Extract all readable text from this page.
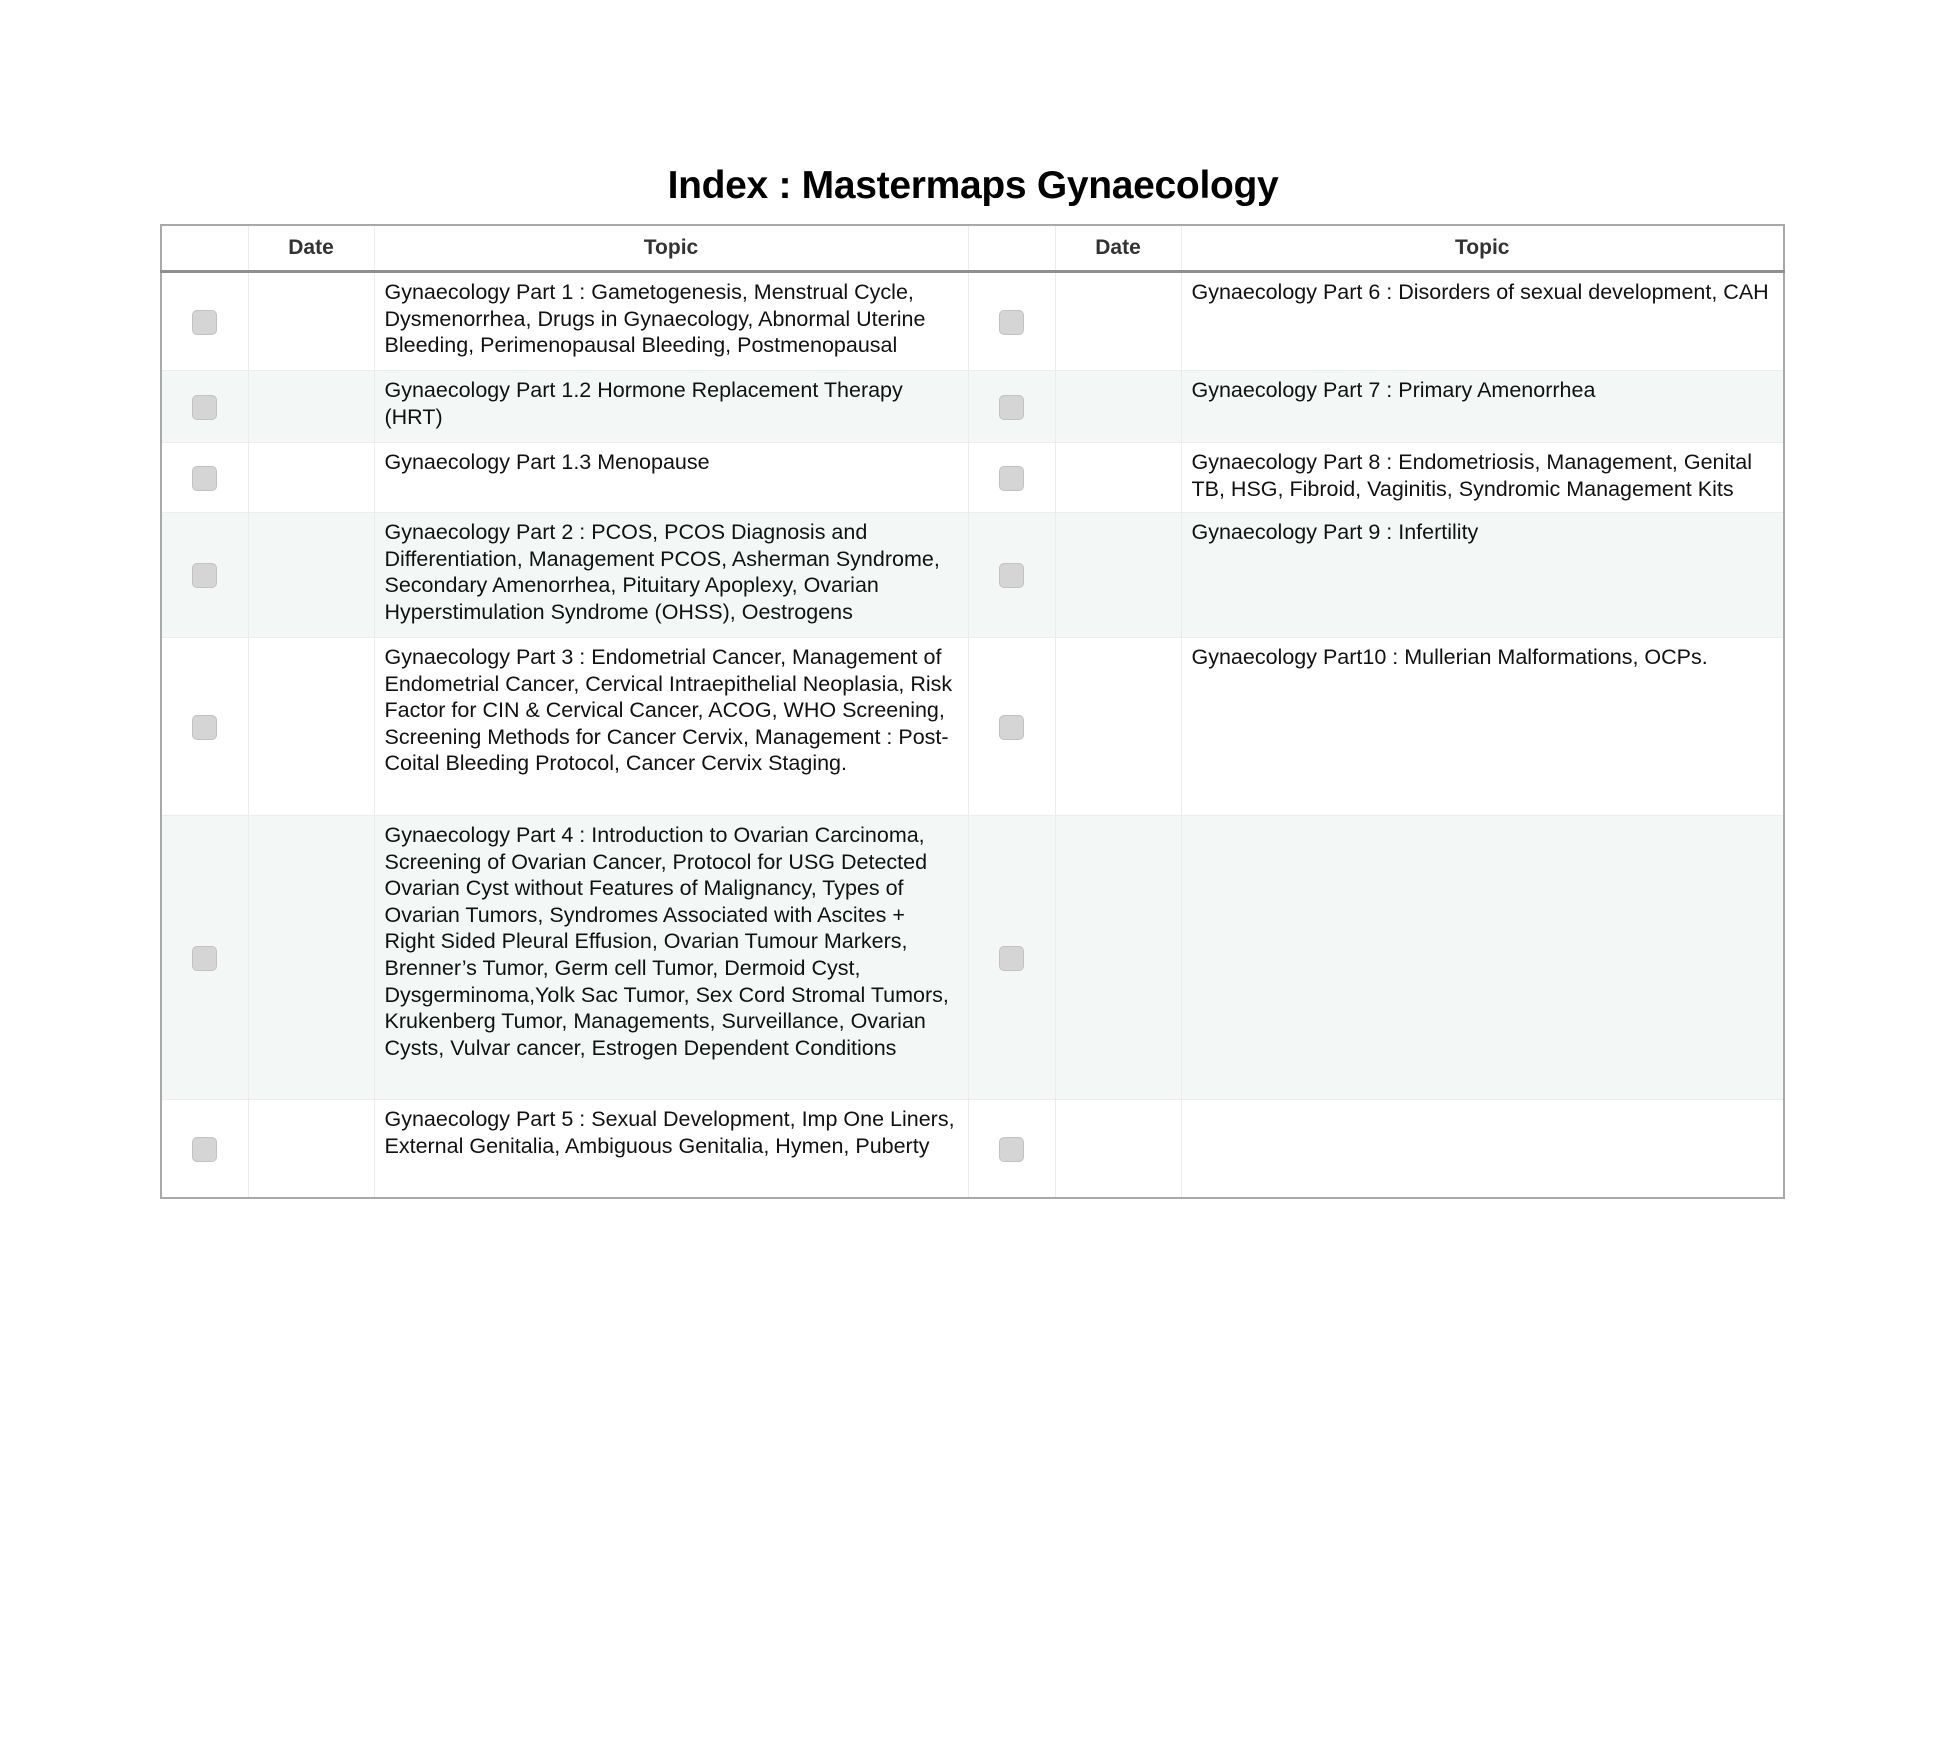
Index : Mastermaps Gynaecology
	Date	Topic		Date	Topic
		Gynaecology Part 1 : Gametogenesis, Menstrual Cycle, Dysmenorrhea, Drugs in Gynaecology, Abnormal Uterine Bleeding, Perimenopausal Bleeding, Postmenopausal			Gynaecology Part 6 : Disorders of sexual development, CAH
		Gynaecology Part 1.2 Hormone Replacement Therapy (HRT)			Gynaecology Part 7 : Primary Amenorrhea
		Gynaecology Part 1.3 Menopause			Gynaecology Part 8 : Endometriosis, Management, Genital TB, HSG, Fibroid, Vaginitis, Syndromic Management Kits
		Gynaecology Part 2 : PCOS, PCOS Diagnosis and Differentiation, Management PCOS, Asherman Syndrome, Secondary Amenorrhea, Pituitary Apoplexy, Ovarian Hyperstimulation Syndrome (OHSS), Oestrogens			Gynaecology Part 9 : Infertility
		Gynaecology Part 3 : Endometrial Cancer, Management of Endometrial Cancer, Cervical Intraepithelial Neoplasia, Risk Factor for CIN & Cervical Cancer, ACOG, WHO Screening, Screening Methods for Cancer Cervix, Management : Post-Coital Bleeding Protocol, Cancer Cervix Staging.			Gynaecology Part10 : Mullerian Malformations, OCPs.
		Gynaecology Part 4 : Introduction to Ovarian Carcinoma, Screening of Ovarian Cancer, Protocol for USG Detected Ovarian Cyst without Features of Malignancy, Types of Ovarian Tumors, Syndromes Associated with Ascites + Right Sided Pleural Effusion, Ovarian Tumour Markers, Brenner’s Tumor, Germ cell Tumor, Dermoid Cyst, Dysgerminoma,Yolk Sac Tumor, Sex Cord Stromal Tumors, Krukenberg Tumor, Managements, Surveillance, Ovarian Cysts, Vulvar cancer, Estrogen Dependent Conditions			
		Gynaecology Part 5 : Sexual Development, Imp One Liners, External Genitalia, Ambiguous Genitalia, Hymen, Puberty			
